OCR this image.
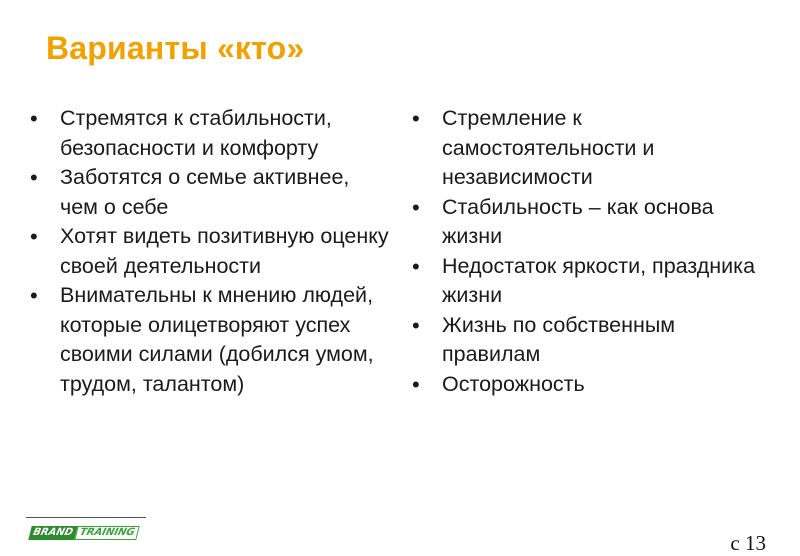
Варианты «кто»
•	Стремятся к стабильности, безопасности и комфорту
•	Заботятся о семье активнее, чем о себе
•	Хотят видеть позитивную оценку своей деятельности
•	Внимательны к мнению людей, которые олицетворяют успех своими силами (добился умом, трудом, талантом)
•	Стремление к самостоятельности и независимости
•	Стабильность – как основа жизни
•	Недостаток яркости, праздника жизни
•	Жизнь по собственным правилам
•	Осторожность
BRAND TRAINING	с 13
